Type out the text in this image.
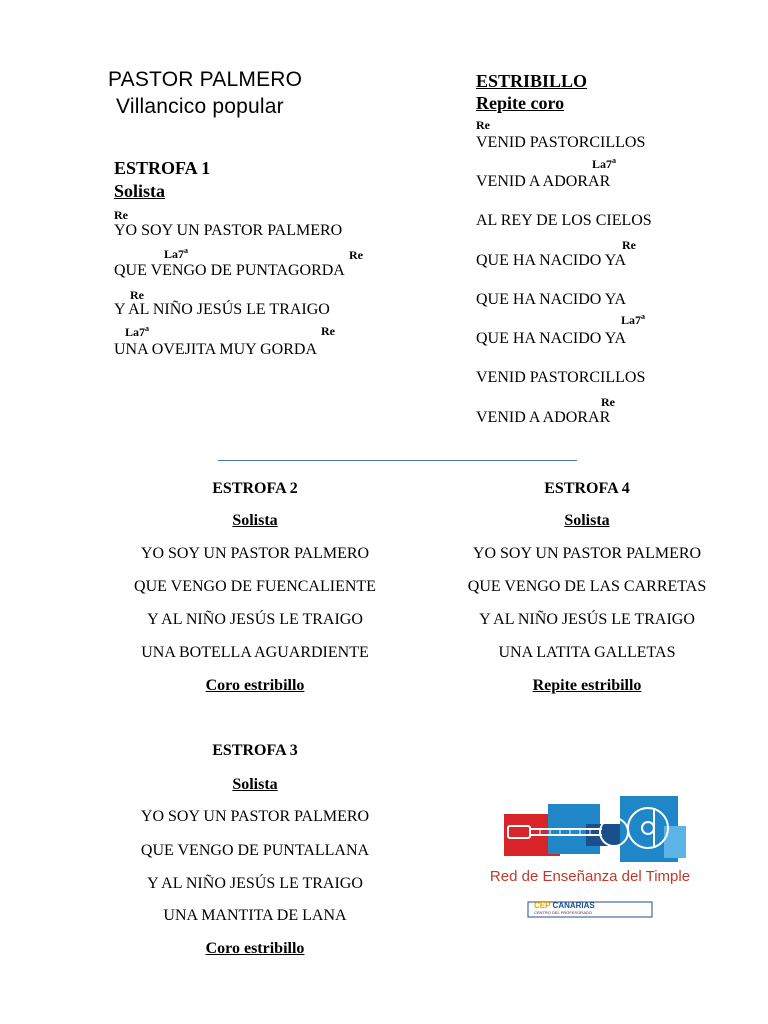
PASTOR PALMERO
Villancico popular
ESTROFA 1
Solista
Re
YO SOY UN PASTOR PALMERO
La7$^a$	Re
QUE VENGO DE PUNTAGORDA
Re
Y AL NIÑO JESÚS LE TRAIGO
La7$^a$	Re
UNA OVEJITA MUY GORDA
ESTRIBILLO
Repite coro
Re
VENID PASTORCILLOS
La7$^a$
VENID A ADORAR
AL REY DE LOS CIELOS
Re
QUE HA NACIDO YA
QUE HA NACIDO YA
La7$^a$
QUE HA NACIDO YA
VENID PASTORCILLOS
Re
VENID A ADORAR
ESTROFA 2
Solista
YO SOY UN PASTOR PALMERO
QUE VENGO DE FUENCALIENTE
Y AL NIÑO JESÚS LE TRAIGO
UNA BOTELLA AGUARDIENTE
Coro estribillo
ESTROFA 4
Solista
YO SOY UN PASTOR PALMERO
QUE VENGO DE LAS CARRETAS
Y AL NIÑO JESÚS LE TRAIGO
UNA LATITA GALLETAS
Repite estribillo
ESTROFA 3
Solista
YO SOY UN PASTOR PALMERO
QUE VENGO DE PUNTALLANA
Y AL NIÑO JESÚS LE TRAIGO
UNA MANTITA DE LANA
Coro estribillo
Red de Enseñanza del Timple
CEP CANARIAS
CENTRO DEL PROFESORADO
